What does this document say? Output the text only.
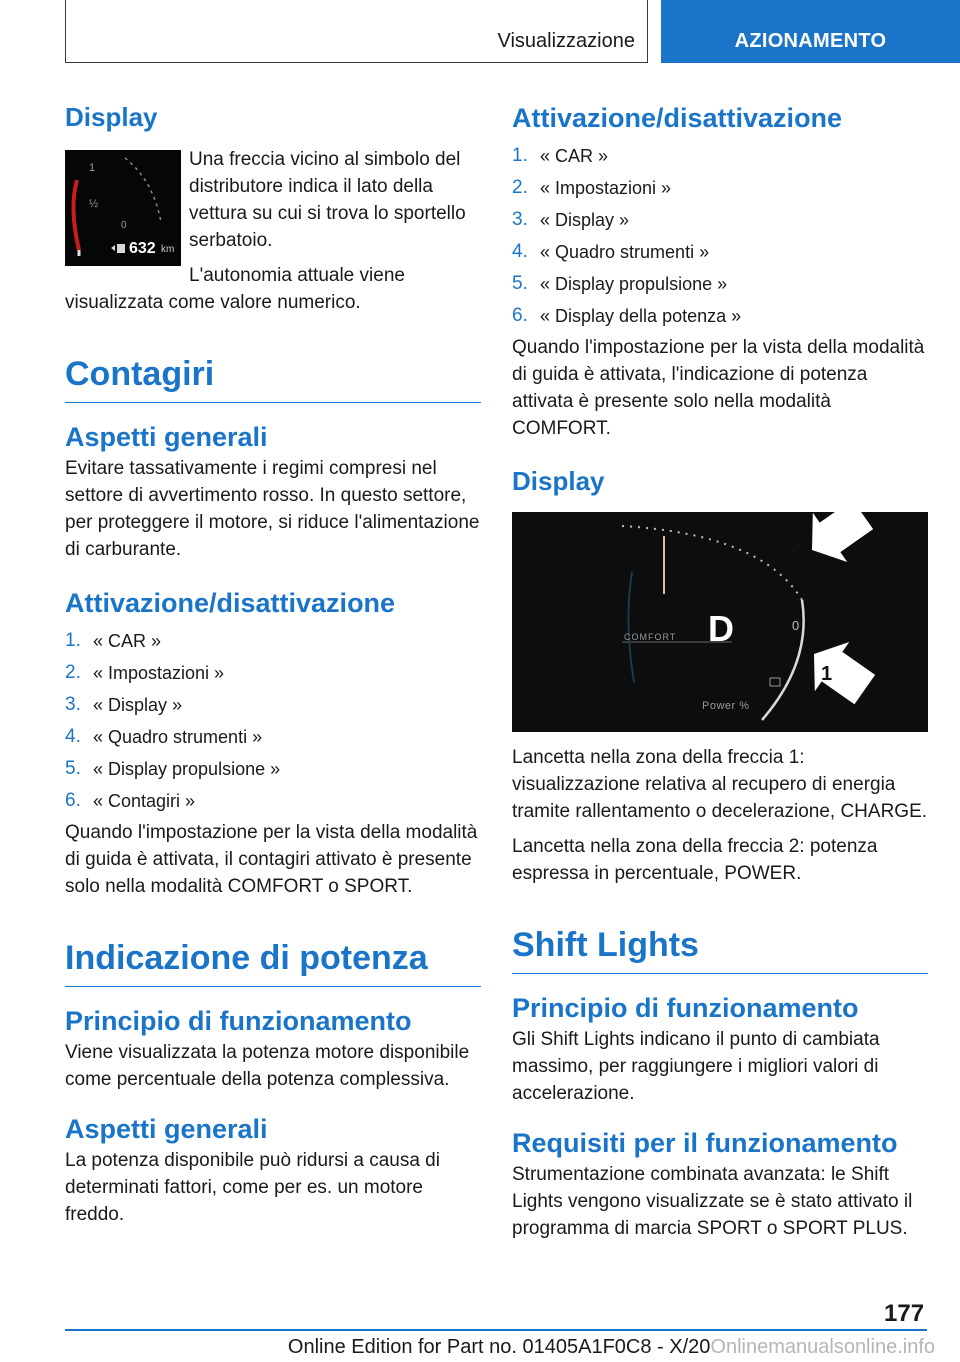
Visualizzazione	AZIONAMENTO
Display
1
½
0
632 km

Una freccia vicino al simbolo del distributore indica il lato della vettura su cui si trova lo sportello serbatoio.

L'autonomia attuale viene visualizzata come valore numerico.

Contagiri
Aspetti generali

Evitare tassativamente i regimi compresi nel settore di avvertimento rosso. In questo settore, per proteggere il motore, si riduce l'alimentazione di carburante.

Attivazione/disattivazione
1. « CAR »
2. « Impostazioni »
3. « Display »
4. « Quadro strumenti »
5. « Display propulsione »
6. « Contagiri »

Quando l'impostazione per la vista della modalità di guida è attivata, il contagiri attivato è presente solo nella modalità COMFORT o SPORT.

Indicazione di potenza
Principio di funzionamento

Viene visualizzata la potenza motore disponibile come percentuale della potenza complessiva.

Aspetti generali

La potenza disponibile può ridursi a causa di determinati fattori, come per es. un motore freddo.

Attivazione/disattivazione
1. « CAR »
2. « Impostazioni »
3. « Display »
4. « Quadro strumenti »
5. « Display propulsione »
6. « Display della potenza »

Quando l'impostazione per la vista della modalità di guida è attivata, l'indicazione di potenza attivata è presente solo nella modalità COMFORT.

Display
D
COMFORT
0
Power %
2
1

Lancetta nella zona della freccia 1: visualizzazione relativa al recupero di energia tramite rallentamento o decelerazione, CHARGE.

Lancetta nella zona della freccia 2: potenza espressa in percentuale, POWER.

Shift Lights
Principio di funzionamento

Gli Shift Lights indicano il punto di cambiata massimo, per raggiungere i migliori valori di accelerazione.

Requisiti per il funzionamento

Strumentazione combinata avanzata: le Shift Lights vengono visualizzate se è stato attivato il programma di marcia SPORT o SPORT PLUS.

177
Online Edition for Part no. 01405A1F0C8 - X/20Onlinemanualsonline.info
